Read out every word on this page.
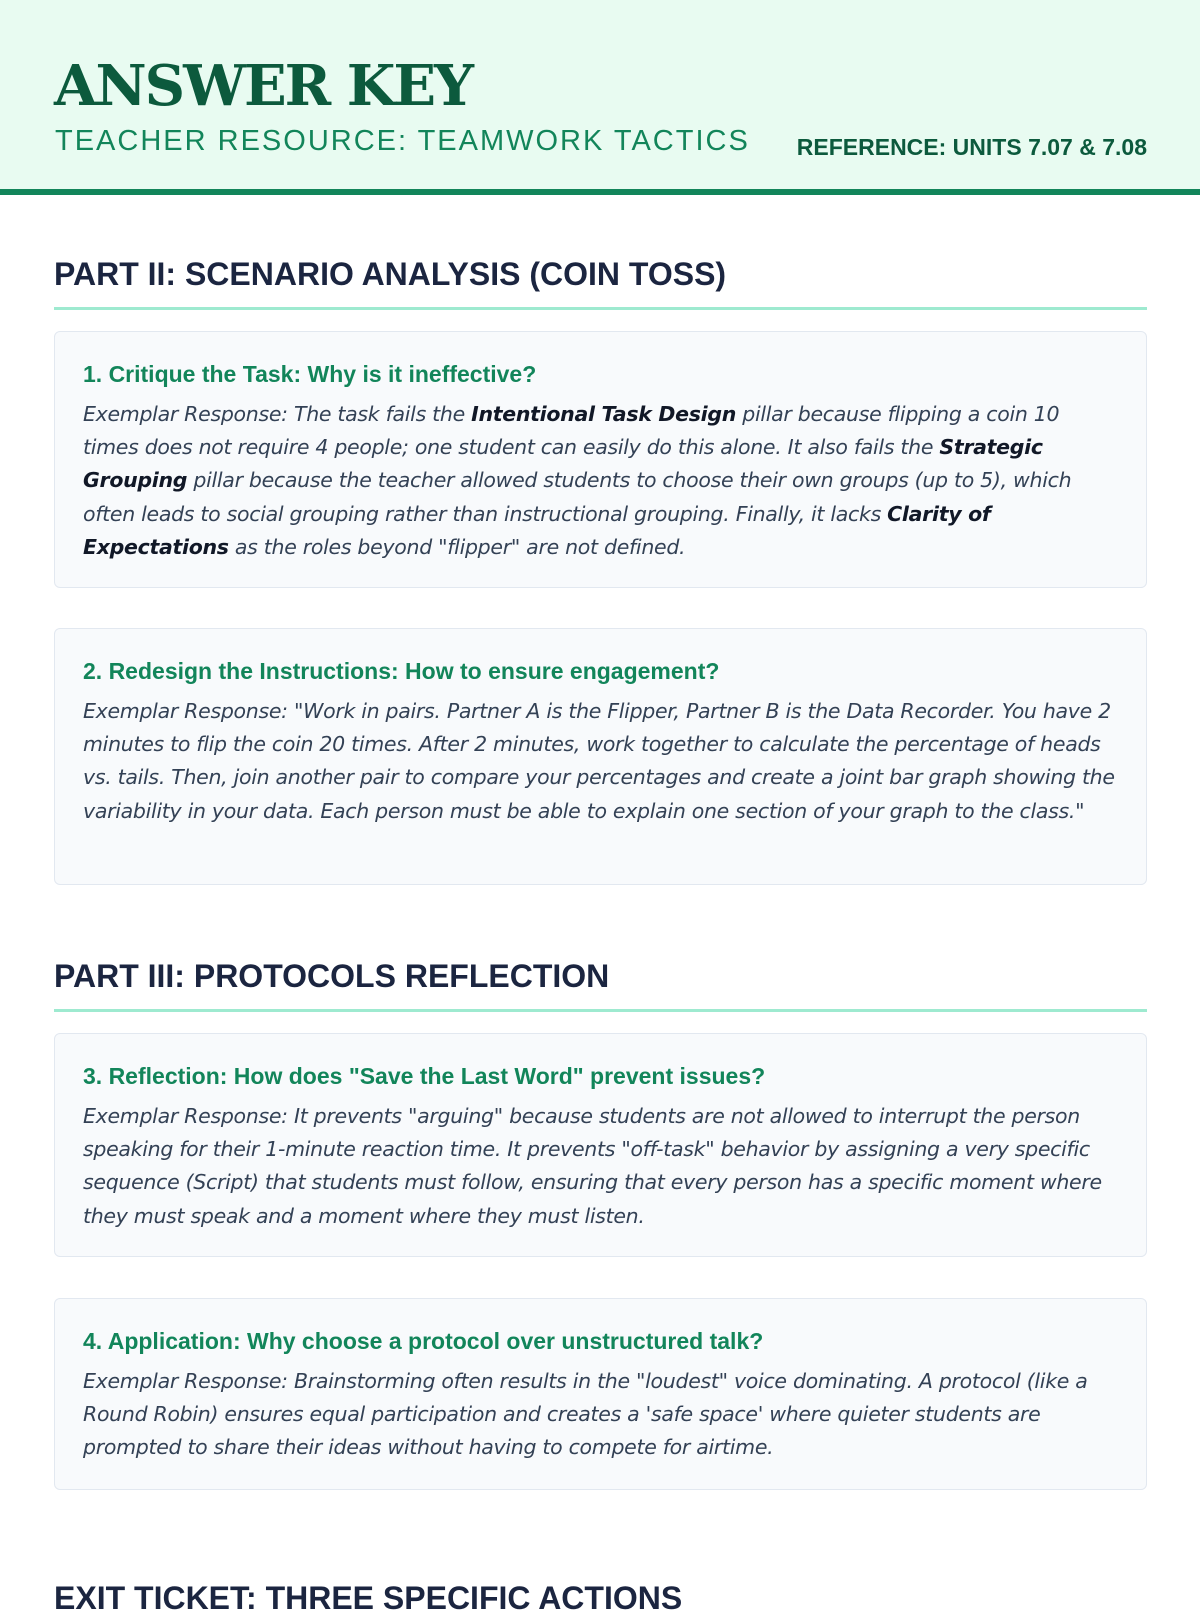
ANSWER KEY
TEACHER RESOURCE: TEAMWORK TACTICS REFERENCE: UNITS 7.07 & 7.08
PART II: SCENARIO ANALYSIS (COIN TOSS)
1. Critique the Task: Why is it ineffective?

Exemplar Response: The task fails the Intentional Task Design pillar because flipping a coin 10 times does not require 4 people; one student can easily do this alone. It also fails the Strategic Grouping pillar because the teacher allowed students to choose their own groups (up to 5), which often leads to social grouping rather than instructional grouping. Finally, it lacks Clarity of Expectations as the roles beyond "flipper" are not defined.

2. Redesign the Instructions: How to ensure engagement?

Exemplar Response: "Work in pairs. Partner A is the Flipper, Partner B is the Data Recorder. You have 2 minutes to flip the coin 20 times. After 2 minutes, work together to calculate the percentage of heads vs. tails. Then, join another pair to compare your percentages and create a joint bar graph showing the variability in your data. Each person must be able to explain one section of your graph to the class."

PART III: PROTOCOLS REFLECTION
3. Reflection: How does "Save the Last Word" prevent issues?

Exemplar Response: It prevents "arguing" because students are not allowed to interrupt the person speaking for their 1-minute reaction time. It prevents "off-task" behavior by assigning a very specific sequence (Script) that students must follow, ensuring that every person has a specific moment where they must speak and a moment where they must listen.

4. Application: Why choose a protocol over unstructured talk?

Exemplar Response: Brainstorming often results in the "loudest" voice dominating. A protocol (like a Round Robin) ensures equal participation and creates a 'safe space' where quieter students are prompted to share their ideas without having to compete for airtime.

EXIT TICKET: THREE SPECIFIC ACTIONS
